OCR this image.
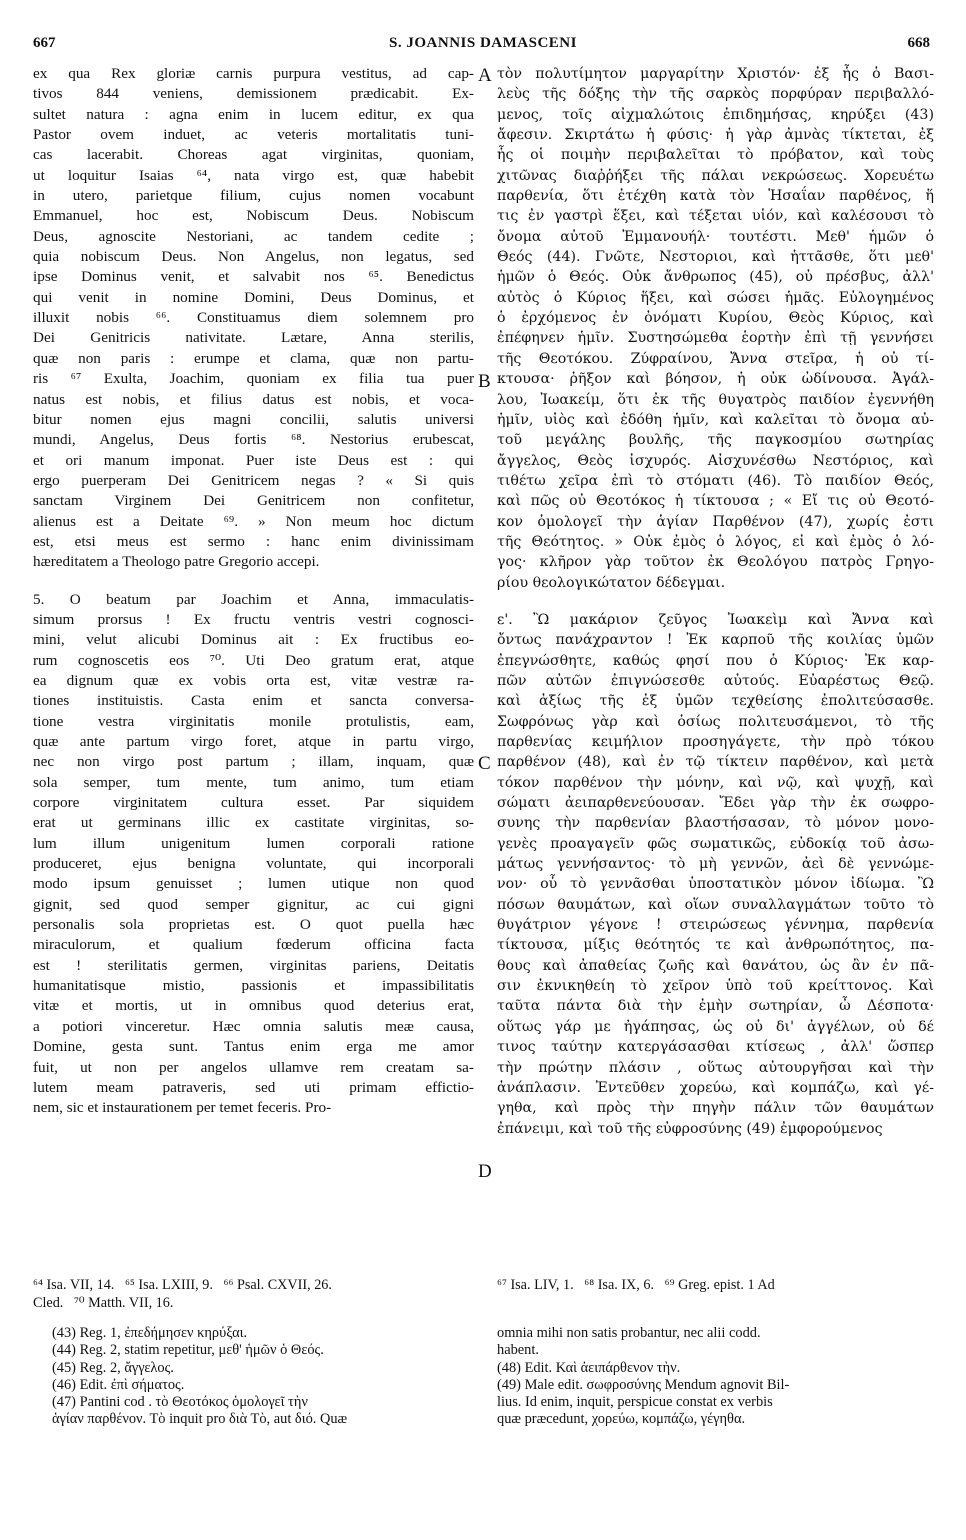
667	S. JOANNIS DAMASCENI	668
A
B
C
D
ex qua Rex gloriæ carnis purpura vestitus, ad cap-
tivos 844 veniens, demissionem prædicabit. Ex-
sultet natura : agna enim in lucem editur, ex qua
Pastor ovem induet, ac veteris mortalitatis tuni-
cas lacerabit. Choreas agat virginitas, quoniam,
ut loquitur Isaias ⁶⁴, nata virgo est, quæ habebit
in utero, parietque filium, cujus nomen vocabunt
Emmanuel, hoc est, Nobiscum Deus. Nobiscum
Deus, agnoscite Nestoriani, ac tandem cedite ;
quia nobiscum Deus. Non Angelus, non legatus, sed
ipse Dominus venit, et salvabit nos ⁶⁵. Benedictus
qui venit in nomine Domini, Deus Dominus, et
illuxit nobis ⁶⁶. Constituamus diem solemnem pro
Dei Genitricis nativitate. Lætare, Anna sterilis,
quæ non paris : erumpe et clama, quæ non partu-
ris ⁶⁷ Exulta, Joachim, quoniam ex filia tua puer
natus est nobis, et filius datus est nobis, et voca-
bitur nomen ejus magni concilii, salutis universi
mundi, Angelus, Deus fortis ⁶⁸. Nestorius erubescat,
et ori manum imponat. Puer iste Deus est : qui
ergo puerperam Dei Genitricem negas ? « Si quis
sanctam Virginem Dei Genitricem non confitetur,
alienus est a Deitate ⁶⁹. » Non meum hoc dictum
est, etsi meus est sermo : hanc enim divinissimam
hæreditatem a Theologo patre Gregorio accepi.
5. O beatum par Joachim et Anna, immaculatis-
simum prorsus ! Ex fructu ventris vestri cognosci-
mini, velut alicubi Dominus ait : Ex fructibus eo-
rum cognoscetis eos ⁷⁰. Uti Deo gratum erat, atque
ea dignum quæ ex vobis orta est, vitæ vestræ ra-
tiones instituistis. Casta enim et sancta conversa-
tione vestra virginitatis monile protulistis, eam,
quæ ante partum virgo foret, atque in partu virgo,
nec non virgo post partum ; illam, inquam, quæ
sola semper, tum mente, tum animo, tum etiam
corpore virginitatem cultura esset. Par siquidem
erat ut germinans illic ex castitate virginitas, so-
lum illum unigenitum lumen corporali ratione
produceret, ejus benigna voluntate, qui incorporali
modo ipsum genuisset ; lumen utique non quod
gignit, sed quod semper gignitur, ac cui gigni
personalis sola proprietas est. O quot puella hæc
miraculorum, et qualium fœderum officina facta
est ! sterilitatis germen, virginitas pariens, Deitatis
humanitatisque mistio, passionis et impassibilitatis
vitæ et mortis, ut in omnibus quod deterius erat,
a potiori vinceretur. Hæc omnia salutis meæ causa,
Domine, gesta sunt. Tantus enim erga me amor
fuit, ut non per angelos ullamve rem creatam sa-
lutem meam patraveris, sed uti primam effictio-
nem, sic et instaurationem per temet feceris. Pro-
τὸν πολυτίμητον μαργαρίτην Χριστόν· ἐξ ἧς ὁ Βασι-
λεὺς τῆς δόξης τὴν τῆς σαρκὸς πορφύραν περιβαλλό-
μενος, τοῖς αἰχμαλώτοις ἐπιδημήσας, κηρύξει (43)
ἄφεσιν. Σκιρτάτω ἡ φύσις· ἡ γὰρ ἀμνὰς τίκτεται, ἐξ
ἧς οἱ ποιμὴν περιβαλεῖται τὸ πρόβατον, καὶ τοὺς
χιτῶνας διαῤῥήξει τῆς πάλαι νεκρώσεως. Χορευέτω
παρθενία, ὅτι ἐτέχθη κατὰ τὸν Ἡσαΐαν παρθένος, ἥ
τις ἐν γαστρὶ ἕξει, καὶ τέξεται υἱόν, καὶ καλέσουσι τὸ
ὄνομα αὐτοῦ Ἐμμανουήλ· τουτέστι. Μεθ' ἡμῶν ὁ
Θεός (44). Γνῶτε, Νεστοριοι, καὶ ἡττᾶσθε, ὅτι μεθ'
ἡμῶν ὁ Θεός. Οὐκ ἄνθρωπος (45), οὐ πρέσβυς, ἀλλ'
αὐτὸς ὁ Κύριος ἥξει, καὶ σώσει ἡμᾶς. Εὐλογημένος
ὁ ἐρχόμενος ἐν ὀνόματι Κυρίου, Θεὸς Κύριος, καὶ
ἐπέφηνεν ἡμῖν. Συστησώμεθα ἑορτὴν ἐπὶ τῇ γεννήσει
τῆς Θεοτόκου. Ζύφραίνου, Ἄννα στεῖρα, ἡ οὐ τί-
κτουσα· ῥῆξον καὶ βόησον, ἡ οὐκ ὠδίνουσα. Ἀγάλ-
λου, Ἰωακείμ, ὅτι ἐκ τῆς θυγατρὸς παιδίον ἐγεννήθη
ἡμῖν, υἱὸς καὶ ἐδόθη ἡμῖν, καὶ καλεῖται τὸ ὄνομα αὐ-
τοῦ μεγάλης βουλῆς, τῆς παγκοσμίου σωτηρίας
ἄγγελος, Θεὸς ἰσχυρός. Αἰσχυνέσθω Νεστόριος, καὶ
τιθέτω χεῖρα ἐπὶ τὸ στόματι (46). Τὸ παιδίον Θεός,
καὶ πῶς οὐ Θεοτόκος ἡ τίκτουσα ; « Εἴ τις οὐ Θεοτό-
κον ὁμολογεῖ τὴν ἁγίαν Παρθένον (47), χωρίς ἐστι
τῆς Θεότητος. » Οὐκ ἐμὸς ὁ λόγος, εἰ καὶ ἐμὸς ὁ λό-
γος· κλῆρον γὰρ τοῦτον ἐκ Θεολόγου πατρὸς Γρηγο-
ρίου θεολογικώτατον δέδεγμαι.
ε'. Ὢ μακάριον ζεῦγος Ἰωακεὶμ καὶ Ἄννα καὶ
ὄντως πανάχραντον ! Ἐκ καρποῦ τῆς κοιλίας ὑμῶν
ἐπεγνώσθητε, καθώς φησί που ὁ Κύριος· Ἐκ καρ-
πῶν αὐτῶν ἐπιγνώσεσθε αὐτούς. Εὐαρέστως Θεῷ.
καὶ ἀξίως τῆς ἐξ ὑμῶν τεχθείσης ἐπολιτεύσασθε.
Σωφρόνως γὰρ καὶ ὁσίως πολιτευσάμενοι, τὸ τῆς
παρθενίας κειμήλιον προσηγάγετε, τὴν πρὸ τόκου
παρθένον (48), καὶ ἐν τῷ τίκτειν παρθένον, καὶ μετὰ
τόκον παρθένον τὴν μόνην, καὶ νῷ, καὶ ψυχῇ, καὶ
σώματι ἀειπαρθενεύουσαν. Ἔδει γὰρ τὴν ἐκ σωφρο-
συνης τὴν παρθενίαν βλαστήσασαν, τὸ μόνον μονο-
γενὲς προαγαγεῖν φῶς σωματικῶς, εὐδοκίᾳ τοῦ ἀσω-
μάτως γεννήσαντος· τὸ μὴ γεννῶν, ἀεὶ δὲ γεννώμε-
νον· οὗ τὸ γεννᾶσθαι ὑποστατικὸν μόνον ἰδίωμα. Ὢ
πόσων θαυμάτων, καὶ οἵων συναλλαγμάτων τοῦτο τὸ
θυγάτριον γέγονε ! στειρώσεως γέννημα, παρθενία
τίκτουσα, μίξις θεότητός τε καὶ ἀνθρωπότητος, πα-
θους καὶ ἀπαθείας ζωῆς καὶ θανάτου, ὡς ἂν ἐν πᾶ-
σιν ἐκνικηθείη τὸ χεῖρον ὑπὸ τοῦ κρείττονος. Καὶ
ταῦτα πάντα διὰ τὴν ἐμὴν σωτηρίαν, ὦ Δέσποτα·
οὕτως γάρ με ἠγάπησας, ὡς οὐ δι' ἀγγέλων, οὐ δέ
τινος ταύτην κατεργάσασθαι κτίσεως , ἀλλ' ὥσπερ
τὴν πρώτην πλάσιν , οὕτως αὐτουργῆσαι καὶ τὴν
ἀνάπλασιν. Ἐντεῦθεν χορεύω, καὶ κομπάζω, καὶ γέ-
γηθα, καὶ πρὸς τὴν πηγὴν πάλιν τῶν θαυμάτων
ἐπάνειμι, καὶ τοῦ τῆς εὐφροσύνης (49) ἐμφορούμενος
⁶⁴ Isa. VII, 14.   ⁶⁵ Isa. LXIII, 9.   ⁶⁶ Psal. CXVII, 26.
Cled.   ⁷⁰ Matth. VII, 16.
⁶⁷ Isa. LIV, 1.   ⁶⁸ Isa. IX, 6.   ⁶⁹ Greg. epist. 1 Ad
(43) Reg. 1, ἐπεδήμησεν κηρύξαι.
(44) Reg. 2, statim repetitur, μεθ' ἡμῶν ὁ Θεός.
(45) Reg. 2, ἄγγελος.
(46) Edit. ἐπὶ σήματος.
(47) Pantini cod . τὸ Θεοτόκος ὁμολογεῖ τὴν
ἁγίαν παρθένον. Τὸ inquit pro διὰ Τὸ, aut διό. Quæ
omnia mihi non satis probantur, nec alii codd.
habent.
(48) Edit. Καὶ ἀειπάρθενον τὴν.
(49) Male edit. σωφροσύνης Mendum agnovit Bil-
lius. Id enim, inquit, perspicue constat ex verbis
quæ præcedunt, χορεύω, κομπάζω, γέγηθα.
